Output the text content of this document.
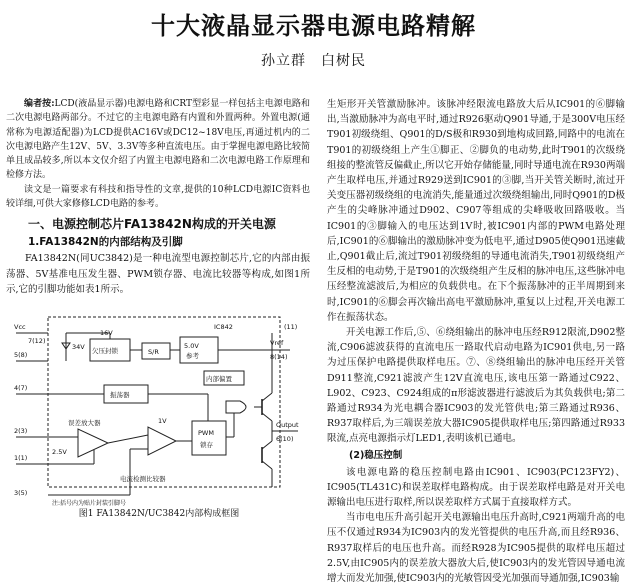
十大液晶显示器电源电路精解
孙立群　白树民

编者按:LCD(液晶显示器)电源电路和CRT型彩显一样包括主电源电路和二次电源电路两部分。不过它的主电源电路有内置和外置两种。外置电源(通常称为电源适配器)为LCD提供AC16V或DC12~18V电压,再通过机内的二次电源电路产生12V、5V、3.3V等多种直流电压。由于掌握电源电路比较简单且成品较多,所以本文仅介绍了内置主电源电路和二次电源电路工作原理和检修方法。

读文是一篇要求有科技和指导性的文章,提供的10种LCD电源IC资料也较详细,可供大家修修LCD电路的参考。

一、电源控制芯片FA13842N构成的开关电源
1.FA13842N的内部结构及引脚

FA13842N(同UC3842)是一种电流型电源控制芯片,它的内部由振荡器、5V基准电压发生器、PWM锁存器、电流比较器等构成,如图1所示,它的引脚功能如表1所示。

Vcc
7(12)
5(8)
34V 欠压封锁
16V
S/R
5.0V
参考
IC842
内部偏置
Vref
8(14)
振荡器
4(7)
误差放大器
2(3)
1(1)
2.5V
电流检测比较器
1V
PWM
锁存
(11)
Output
6(10)
3(5)
注:括号内为贴片封装引脚号
图1 FA13842N/UC3842内部构成框图

生矩形开关管激励脉冲。该脉冲经限流电路放大后从IC901的⑥脚输出,当激励脉冲为高电平时,通过R926驱动Q901导通,于是300V电压经T901初级绕组、Q901的D/S极和R930到地构成回路,同路中的电流在T901的初级绕组上产生①脚正、②脚负的电动势,此时T901的次级绕组接的整流管反偏截止,所以它开始存储能量,同时导通电流在R930两端产生取样电压,并通过R929送到IC901的③脚,当开关管关断时,流过开关变压器初级绕组的电流消失,能量通过次级绕组输出,同时Q901的D极产生的尖峰脉冲通过D902、C907等组成的尖峰吸收回路吸收。当IC901的③脚输入的电压达到1V时,被IC901内部的PWM电路处理后,IC901的⑥脚输出的激励脉冲变为低电平,通过D905使Q901迅速截止,Q901截止后,流过T901初级绕组的导通电流消失,T901初级绕组产生反相的电动势,于是T901的次级绕组产生反相的脉冲电压,这些脉冲电压经整流滤波后,为相应的负载供电。在下个振荡脉冲的正半周期到来时,IC901的⑥脚会再次输出高电平激励脉冲,重复以上过程,开关电源工作在振荡状态。

开关电源工作后,⑤、⑥绕组输出的脉冲电压经R912限流,D902整流,C906滤波获得的直流电压一路取代启动电路为IC901供电,另一路为过压保护电路提供取样电压。⑦、⑧绕组输出的脉冲电压经开关管D911整流,C921滤波产生12V直流电压,该电压第一路通过C922、L902、C923、C924组成的π形滤波器进行滤波后为其负载供电;第二路通过R934为光电耦合器IC903的发光管供电;第三路通过R936、R937取样后,为三端误差放大器IC905提供取样电压;第四路通过R933限流,点亮电源指示灯LED1,表明该机已通电。

(2)稳压控制

该电源电路的稳压控制电路由IC901、IC903(PC123FY2)、IC905(TL431C)和误差取样电路构成。由于误差取样电路是对开关电源输出电压进行取样,所以误差取样方式属于直接取样方式。

当市电电压升高引起开关电源输出电压升高时,C921两端升高的电压不仅通过R934为IC903内的发光管提供的电压升高,而且经R936、R937取样后的电压也升高。而经R928为IC905提供的取样电压超过2.5V,由IC905内的误差放大器放大后,使IC903内的发光管因导通电流增大而发光加强,使IC903内的光敏管因受光加强而导通加强,IC903输
